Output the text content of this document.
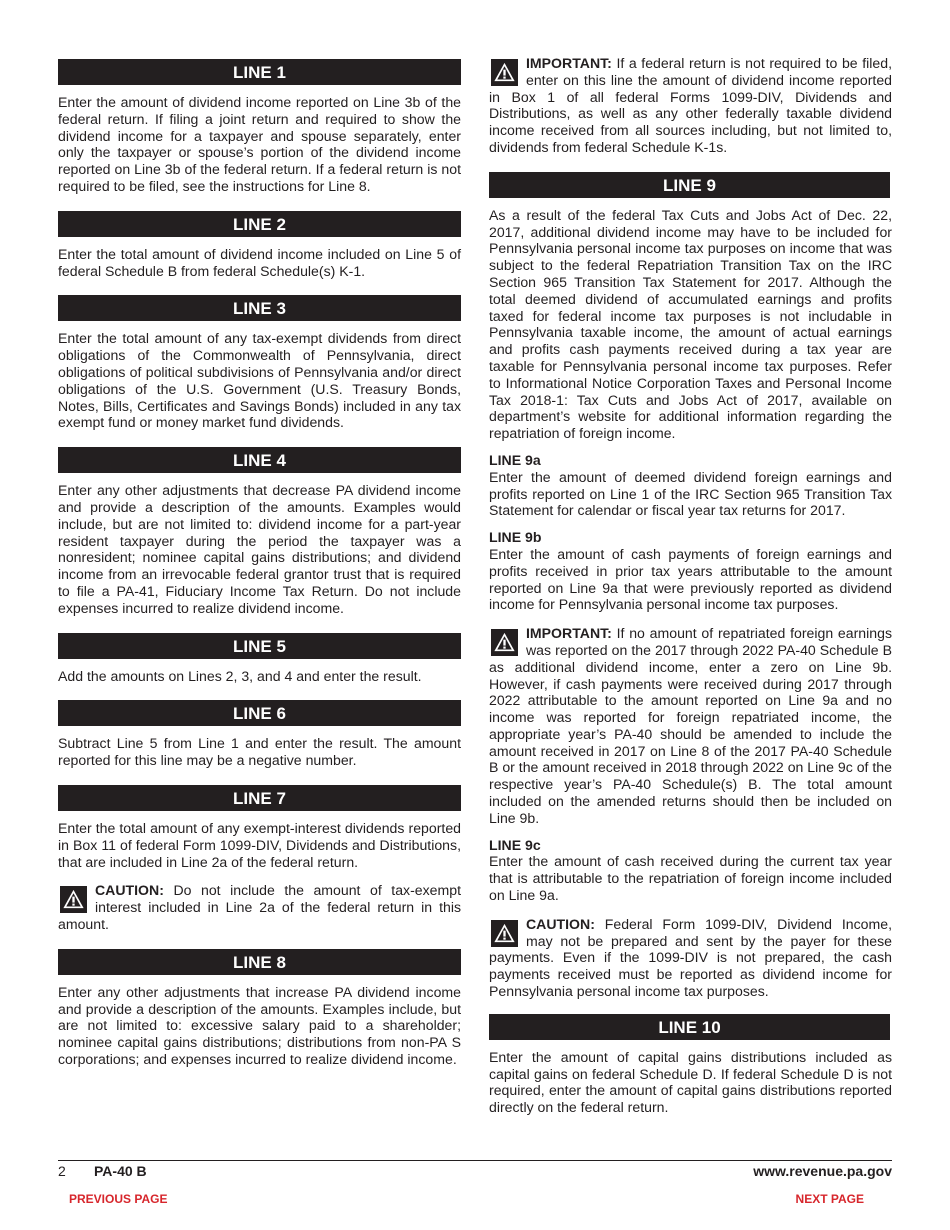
LINE 1

Enter the amount of dividend income reported on Line 3b of the federal return. If filing a joint return and required to show the dividend income for a taxpayer and spouse separately, enter only the taxpayer or spouse’s portion of the dividend income reported on Line 3b of the federal return. If a federal return is not required to be filed, see the instructions for Line 8.

LINE 2

Enter the total amount of dividend income included on Line 5 of federal Schedule B from federal Schedule(s) K-1.

LINE 3

Enter the total amount of any tax-exempt dividends from direct obligations of the Commonwealth of Pennsylvania, direct obligations of political subdivisions of Pennsylvania and/or direct obligations of the U.S. Government (U.S. Treasury Bonds, Notes, Bills, Certificates and Savings Bonds) included in any tax exempt fund or money market fund dividends.

LINE 4

Enter any other adjustments that decrease PA dividend income and provide a description of the amounts. Examples would include, but are not limited to: dividend income for a part-year resident taxpayer during the period the taxpayer was a nonresident; nominee capital gains distributions; and dividend income from an irrevocable federal grantor trust that is required to file a PA-41, Fiduciary Income Tax Return. Do not include expenses incurred to realize dividend income.

LINE 5

Add the amounts on Lines 2, 3, and 4 and enter the result.

LINE 6

Subtract Line 5 from Line 1 and enter the result. The amount reported for this line may be a negative number.

LINE 7

Enter the total amount of any exempt-interest dividends reported in Box 11 of federal Form 1099-DIV, Dividends and Distributions, that are included in Line 2a of the federal return.

CAUTION: Do not include the amount of tax-exempt interest included in Line 2a of the federal return in this amount.
LINE 8

Enter any other adjustments that increase PA dividend income and provide a description of the amounts. Examples include, but are not limited to: excessive salary paid to a shareholder; nominee capital gains distributions; distributions from non-PA S corporations; and expenses incurred to realize dividend income.

IMPORTANT: If a federal return is not required to be filed, enter on this line the amount of dividend income reported in Box 1 of all federal Forms 1099-DIV, Dividends and Distributions, as well as any other federally taxable dividend income received from all sources including, but not limited to, dividends from federal Schedule K-1s.
LINE 9

As a result of the federal Tax Cuts and Jobs Act of Dec. 22, 2017, additional dividend income may have to be included for Pennsylvania personal income tax purposes on income that was subject to the federal Repatriation Transition Tax on the IRC Section 965 Transition Tax Statement for 2017. Although the total deemed dividend of accumulated earnings and profits taxed for federal income tax purposes is not includable in Pennsylvania taxable income, the amount of actual earnings and profits cash payments received during a tax year are taxable for Pennsylvania personal income tax purposes. Refer to Informational Notice Corporation Taxes and Personal Income Tax 2018-1: Tax Cuts and Jobs Act of 2017, available on department’s website for additional information regarding the repatriation of foreign income.

LINE 9a

Enter the amount of deemed dividend foreign earnings and profits reported on Line 1 of the IRC Section 965 Transition Tax Statement for calendar or fiscal year tax returns for 2017.

LINE 9b

Enter the amount of cash payments of foreign earnings and profits received in prior tax years attributable to the amount reported on Line 9a that were previously reported as dividend income for Pennsylvania personal income tax purposes.

IMPORTANT: If no amount of repatriated foreign earnings was reported on the 2017 through 2022 PA-40 Schedule B as additional dividend income, enter a zero on Line 9b. However, if cash payments were received during 2017 through 2022 attributable to the amount reported on Line 9a and no income was reported for foreign repatriated income, the appropriate year’s PA-40 should be amended to include the amount received in 2017 on Line 8 of the 2017 PA-40 Schedule B or the amount received in 2018 through 2022 on Line 9c of the respective year’s PA-40 Schedule(s) B. The total amount included on the amended returns should then be included on Line 9b.

LINE 9c

Enter the amount of cash received during the current tax year that is attributable to the repatriation of foreign income included on Line 9a.

CAUTION: Federal Form 1099-DIV, Dividend Income, may not be prepared and sent by the payer for these payments. Even if the 1099-DIV is not prepared, the cash payments received must be reported as dividend income for Pennsylvania personal income tax purposes.
LINE 10

Enter the amount of capital gains distributions included as capital gains on federal Schedule D. If federal Schedule D is not required, enter the amount of capital gains distributions reported directly on the federal return.

2 PA-40 B	www.revenue.pa.gov
PREVIOUS PAGE	NEXT PAGE
